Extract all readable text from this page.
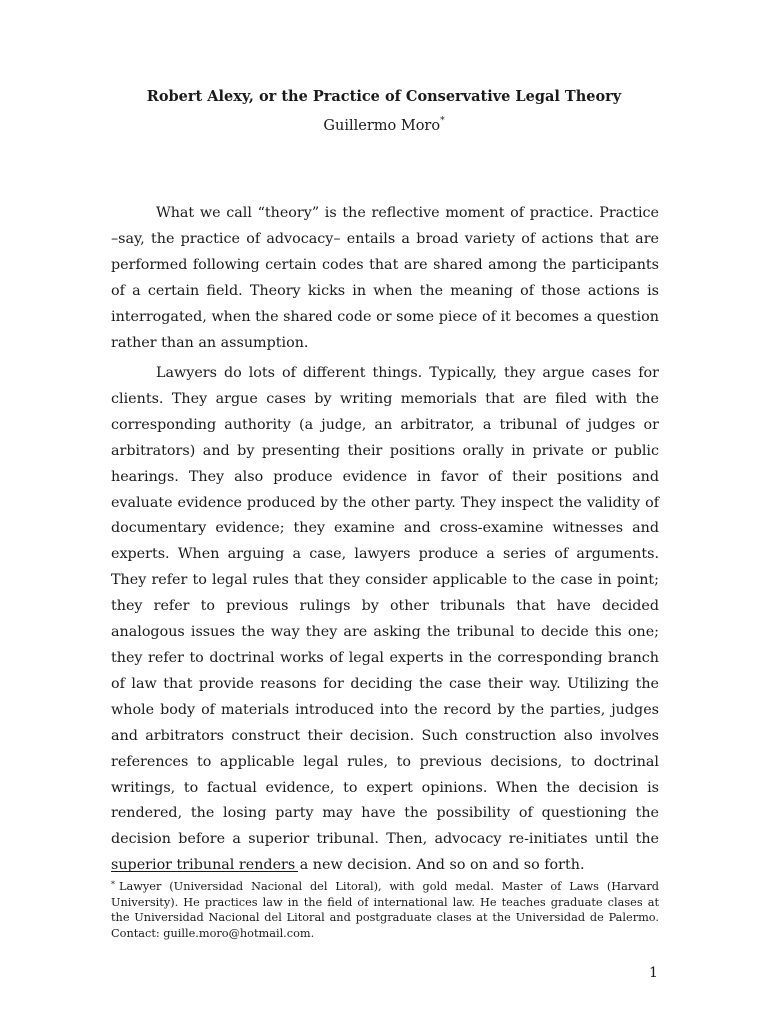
Robert Alexy, or the Practice of Conservative Legal Theory
Guillermo Moro*

What we call “theory” is the reflective moment of practice. Practice –say, the practice of advocacy– entails a broad variety of actions that are performed following certain codes that are shared among the participants of a certain field. Theory kicks in when the meaning of those actions is interrogated, when the shared code or some piece of it becomes a question rather than an assumption.

Lawyers do lots of different things. Typically, they argue cases for clients. They argue cases by writing memorials that are filed with the corresponding authority (a judge, an arbitrator, a tribunal of judges or arbitrators) and by presenting their positions orally in private or public hearings. They also produce evidence in favor of their positions and evaluate evidence produced by the other party. They inspect the validity of documentary evidence; they examine and cross-examine witnesses and experts. When arguing a case, lawyers produce a series of arguments. They refer to legal rules that they consider applicable to the case in point; they refer to previous rulings by other tribunals that have decided analogous issues the way they are asking the tribunal to decide this one; they refer to doctrinal works of legal experts in the corresponding branch of law that provide reasons for deciding the case their way. Utilizing the whole body of materials introduced into the record by the parties, judges and arbitrators construct their decision. Such construction also involves references to applicable legal rules, to previous decisions, to doctrinal writings, to factual evidence, to expert opinions. When the decision is rendered, the losing party may have the possibility of questioning the decision before a superior tribunal. Then, advocacy re-initiates until the superior tribunal renders a new decision. And so on and so forth.

* Lawyer (Universidad Nacional del Litoral), with gold medal. Master of Laws (Harvard University). He practices law in the field of international law. He teaches graduate clases at the Universidad Nacional del Litoral and postgraduate clases at the Universidad de Palermo. Contact: guille.moro@hotmail.com.

1
